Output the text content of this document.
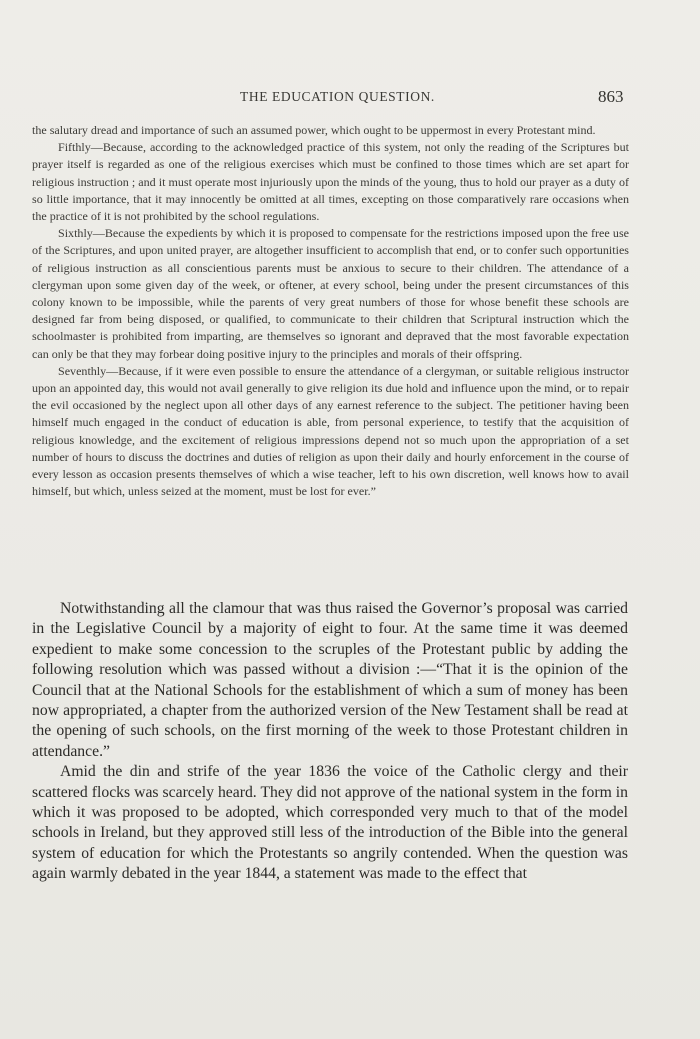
THE EDUCATION QUESTION.	863

the salutary dread and importance of such an assumed power, which ought to be uppermost in every Protestant mind.

Fifthly—Because, according to the acknowledged practice of this system, not only the reading of the Scriptures but prayer itself is regarded as one of the religious exercises which must be confined to those times which are set apart for religious instruction ; and it must operate most injuriously upon the minds of the young, thus to hold our prayer as a duty of so little importance, that it may innocently be omitted at all times, excepting on those comparatively rare occasions when the practice of it is not prohibited by the school regulations.

Sixthly—Because the expedients by which it is proposed to compensate for the restrictions imposed upon the free use of the Scriptures, and upon united prayer, are altogether insufficient to accomplish that end, or to confer such opportunities of religious instruction as all conscientious parents must be anxious to secure to their children. The attendance of a clergyman upon some given day of the week, or oftener, at every school, being under the present circumstances of this colony known to be impossible, while the parents of very great numbers of those for whose benefit these schools are designed far from being disposed, or qualified, to communicate to their children that Scriptural instruction which the schoolmaster is prohibited from imparting, are themselves so ignorant and depraved that the most favorable expectation can only be that they may forbear doing positive injury to the principles and morals of their offspring.

Seventhly—Because, if it were even possible to ensure the attendance of a clergyman, or suitable religious instructor upon an appointed day, this would not avail generally to give religion its due hold and influence upon the mind, or to repair the evil occasioned by the neglect upon all other days of any earnest reference to the subject. The petitioner having been himself much engaged in the conduct of education is able, from personal experience, to testify that the acquisition of religious knowledge, and the excitement of religious impressions depend not so much upon the appropriation of a set number of hours to discuss the doctrines and duties of religion as upon their daily and hourly enforcement in the course of every lesson as occasion presents themselves of which a wise teacher, left to his own discretion, well knows how to avail himself, but which, unless seized at the moment, must be lost for ever.”

Notwithstanding all the clamour that was thus raised the Governor’s proposal was carried in the Legislative Council by a majority of eight to four. At the same time it was deemed expedient to make some concession to the scruples of the Protestant public by adding the following resolution which was passed without a division :—“That it is the opinion of the Council that at the National Schools for the establishment of which a sum of money has been now appropriated, a chapter from the authorized version of the New Testament shall be read at the opening of such schools, on the first morning of the week to those Protestant children in attendance.”

Amid the din and strife of the year 1836 the voice of the Catholic clergy and their scattered flocks was scarcely heard. They did not approve of the national system in the form in which it was proposed to be adopted, which corresponded very much to that of the model schools in Ireland, but they approved still less of the introduction of the Bible into the general system of education for which the Protestants so angrily contended. When the question was again warmly debated in the year 1844, a statement was made to the effect that
